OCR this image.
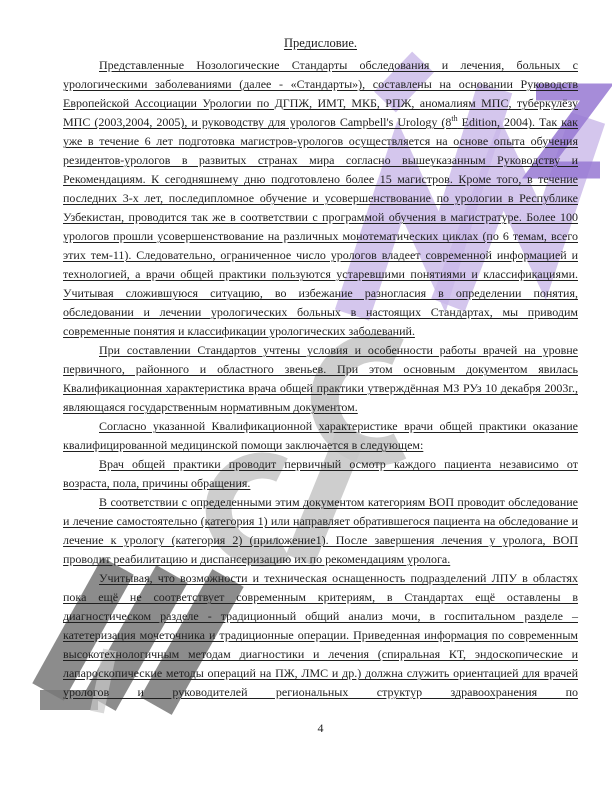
Предисловие.

Представленные Нозологические Стандарты обследования и лечения, больных с урологическими заболеваниями (далее - «Стандарты»), составлены на основании Руководств Европейской Ассоциации Урологии по ДГПЖ, ИМТ, МКБ, РПЖ, аномалиям МПС, туберкулёзу МПС (2003,2004, 2005), и руководству для урологов Campbell's Urology (8th Edition, 2004). Так как уже в течение 6 лет подготовка магистров-урологов осуществляется на основе опыта обучения резидентов-урологов в развитых странах мира согласно вышеуказанным Руководству и Рекомендациям. К сегодняшнему дню подготовлено более 15 магистров. Кроме того, в течение последних 3-х лет, последипломное обучение и усовершенствование по урологии в Республике Узбекистан, проводится так же в соответствии с программой обучения в магистратуре. Более 100 урологов прошли усовершенствование на различных монотематических циклах (по 6 темам, всего этих тем-11). Следовательно, ограниченное число урологов владеет современной информацией и технологией, а врачи общей практики пользуются устаревшими понятиями и классификациями. Учитывая сложившуюся ситуацию, во избежание разногласия в определении понятия, обследовании и лечении урологических больных в настоящих Стандартах, мы приводим современные понятия и классификации урологических заболеваний.

При составлении Стандартов учтены условия и особенности работы врачей на уровне первичного, районного и областного звеньев. При этом основным документом явилась Квалификационная характеристика врача общей практики утверждённая МЗ РУз 10 декабря 2003г., являющаяся государственным нормативным документом.

Согласно указанной Квалификационной характеристике врачи общей практики оказание квалифицированной медицинской помощи заключается в следующем:

Врач общей практики проводит первичный осмотр каждого пациента независимо от возраста, пола, причины обращения.

В соответствии с определенными этим документом категориям ВОП проводит обследование и лечение самостоятельно (категория 1) или направляет обратившегося пациента на обследование и лечение к урологу (категория 2) (приложение1). После завершения лечения у уролога, ВОП проводит реабилитацию и диспансеризацию их по рекомендациям уролога.

Учитывая, что возможности и техническая оснащенность подразделений ЛПУ в областях пока ещё не соответствует современным критериям, в Стандартах ещё оставлены в диагностическом разделе - традиционный общий анализ мочи, в госпитальном разделе – катетеризация мочеточника и традиционные операции. Приведенная информация по современным высокотехнологичным методам диагностики и лечения (спиральная КТ, эндоскопические и лапароскопические методы операций на ПЖ, ЛМС и др.) должна служить ориентацией для врачей урологов и руководителей региональных структур здравоохранения по

4
